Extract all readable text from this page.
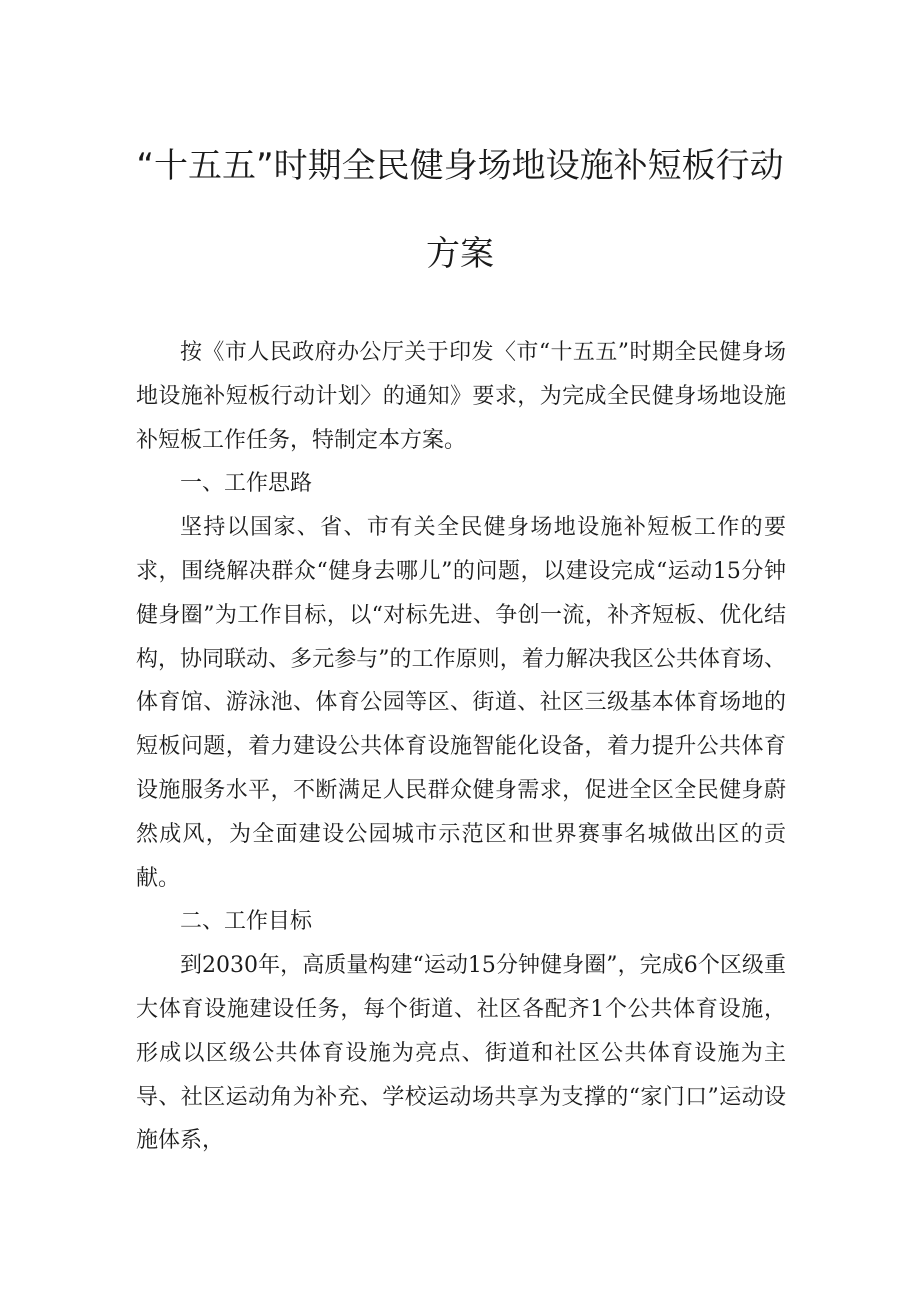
“十五五”时期全民健身场地设施补短板行动
方案

按《市人民政府办公厅关于印发〈市“十五五”时期全民健身场地设施补短板行动计划〉的通知》要求，为完成全民健身场地设施补短板工作任务，特制定本方案。

一、工作思路

坚持以国家、省、市有关全民健身场地设施补短板工作的要求，围绕解决群众“健身去哪儿”的问题，以建设完成“运动15分钟健身圈”为工作目标，以“对标先进、争创一流，补齐短板、优化结构，协同联动、多元参与”的工作原则，着力解决我区公共体育场、体育馆、游泳池、体育公园等区、街道、社区三级基本体育场地的短板问题，着力建设公共体育设施智能化设备，着力提升公共体育设施服务水平，不断满足人民群众健身需求，促进全区全民健身蔚然成风，为全面建设公园城市示范区和世界赛事名城做出区的贡献。

二、工作目标

到2030年，高质量构建“运动15分钟健身圈”，完成6个区级重大体育设施建设任务，每个街道、社区各配齐1个公共体育设施，形成以区级公共体育设施为亮点、街道和社区公共体育设施为主导、社区运动角为补充、学校运动场共享为支撑的“家门口”运动设施体系，
